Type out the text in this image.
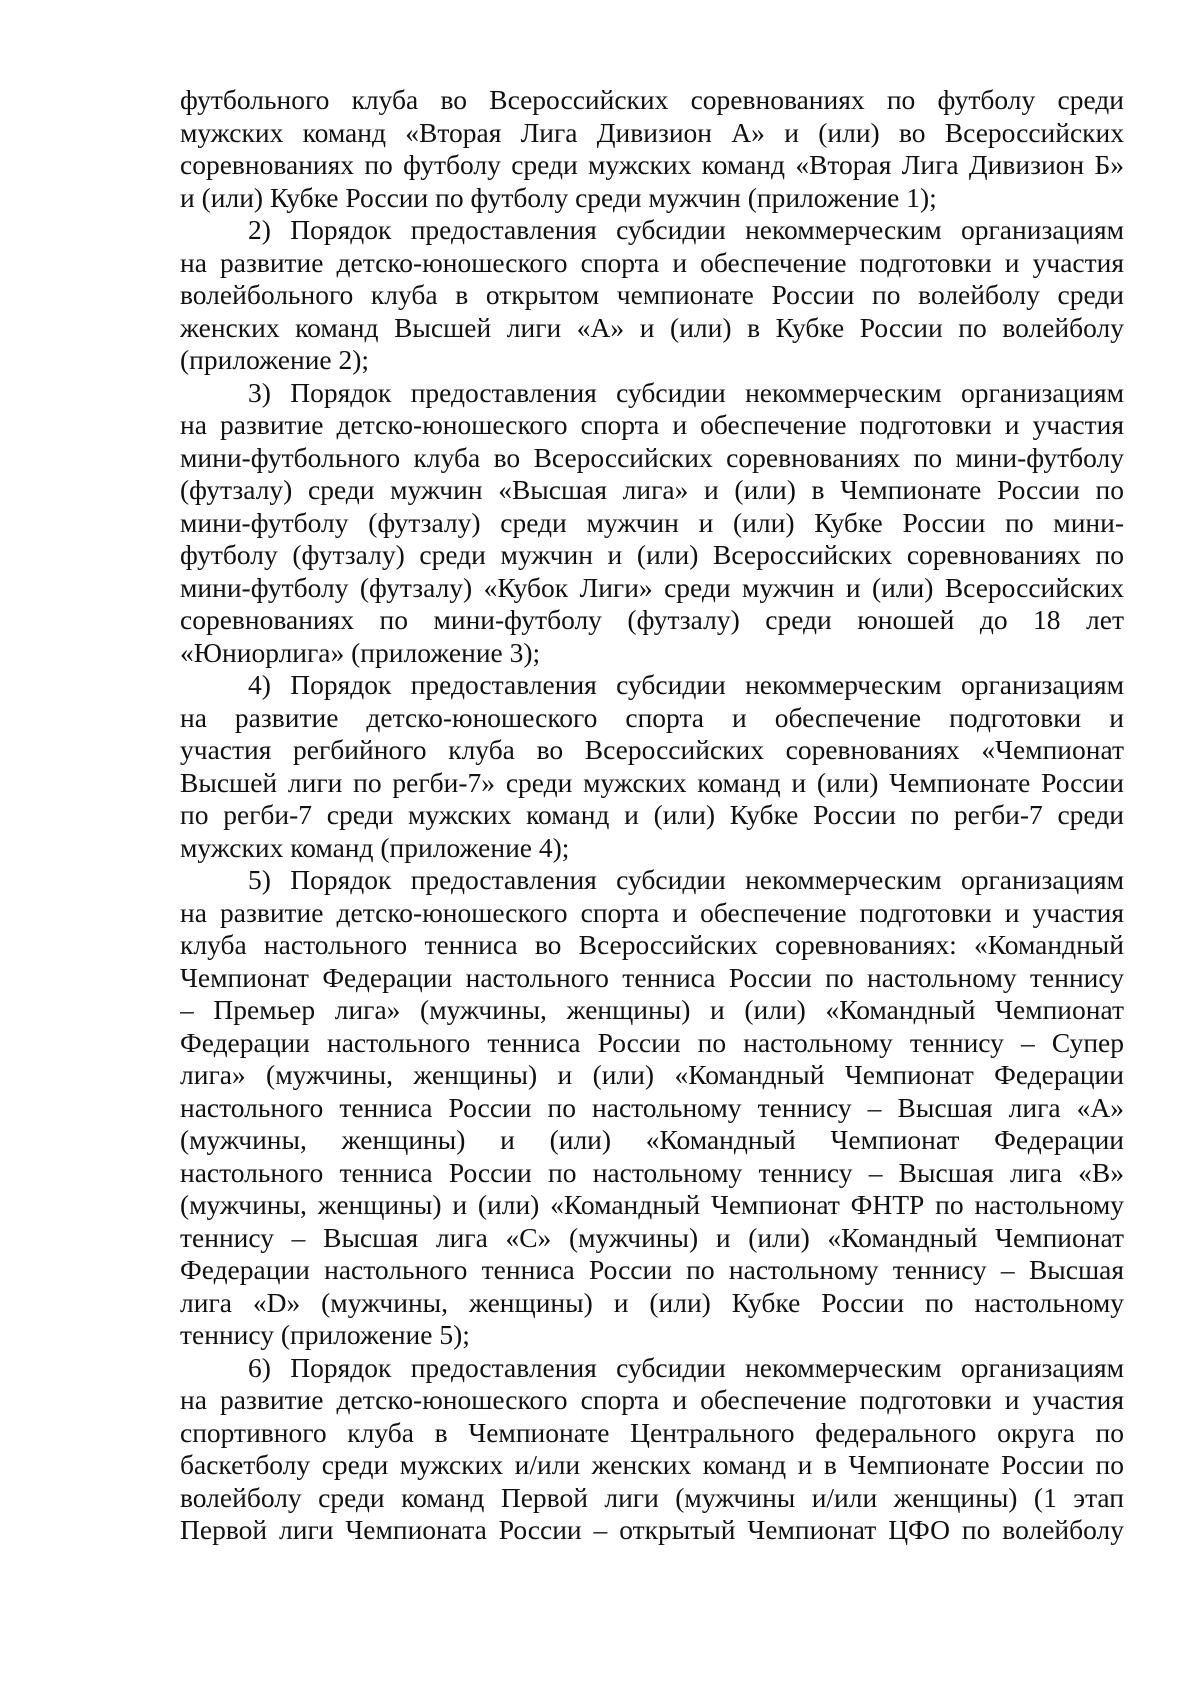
футбольного клуба во Всероссийских соревнованиях по футболу среди
мужских команд «Вторая Лига Дивизион А» и (или) во Всероссийских
соревнованиях по футболу среди мужских команд «Вторая Лига Дивизион Б»
и (или) Кубке России по футболу среди мужчин (приложение 1);
2) Порядок предоставления субсидии некоммерческим организациям
на развитие детско-юношеского спорта и обеспечение подготовки и участия
волейбольного клуба в открытом чемпионате России по волейболу среди
женских команд Высшей лиги «А» и (или) в Кубке России по волейболу
(приложение 2);
3) Порядок предоставления субсидии некоммерческим организациям
на развитие детско-юношеского спорта и обеспечение подготовки и участия
мини-футбольного клуба во Всероссийских соревнованиях по мини-футболу
(футзалу) среди мужчин «Высшая лига» и (или) в Чемпионате России по
мини-футболу (футзалу) среди мужчин и (или) Кубке России по мини-
футболу (футзалу) среди мужчин и (или) Всероссийских соревнованиях по
мини-футболу (футзалу) «Кубок Лиги» среди мужчин и (или) Всероссийских
соревнованиях по мини-футболу (футзалу) среди юношей до 18 лет
«Юниорлига» (приложение 3);
4) Порядок предоставления субсидии некоммерческим организациям
на развитие детско-юношеского спорта и обеспечение подготовки и
участия регбийного клуба во Всероссийских соревнованиях «Чемпионат
Высшей лиги по регби-7» среди мужских команд и (или) Чемпионате России
по регби-7 среди мужских команд и (или) Кубке России по регби-7 среди
мужских команд (приложение 4);
5) Порядок предоставления субсидии некоммерческим организациям
на развитие детско-юношеского спорта и обеспечение подготовки и участия
клуба настольного тенниса во Всероссийских соревнованиях: «Командный
Чемпионат Федерации настольного тенниса России по настольному теннису
– Премьер лига» (мужчины, женщины) и (или) «Командный Чемпионат
Федерации настольного тенниса России по настольному теннису – Супер
лига» (мужчины, женщины) и (или) «Командный Чемпионат Федерации
настольного тенниса России по настольному теннису – Высшая лига «А»
(мужчины, женщины) и (или) «Командный Чемпионат Федерации
настольного тенниса России по настольному теннису – Высшая лига «В»
(мужчины, женщины) и (или) «Командный Чемпионат ФНТР по настольному
теннису – Высшая лига «С» (мужчины) и (или) «Командный Чемпионат
Федерации настольного тенниса России по настольному теннису – Высшая
лига «D» (мужчины, женщины) и (или) Кубке России по настольному
теннису (приложение 5);
6) Порядок предоставления субсидии некоммерческим организациям
на развитие детско-юношеского спорта и обеспечение подготовки и участия
спортивного клуба в Чемпионате Центрального федерального округа по
баскетболу среди мужских и/или женских команд и в Чемпионате России по
волейболу среди команд Первой лиги (мужчины и/или женщины) (1 этап
Первой лиги Чемпионата России – открытый Чемпионат ЦФО по волейболу
